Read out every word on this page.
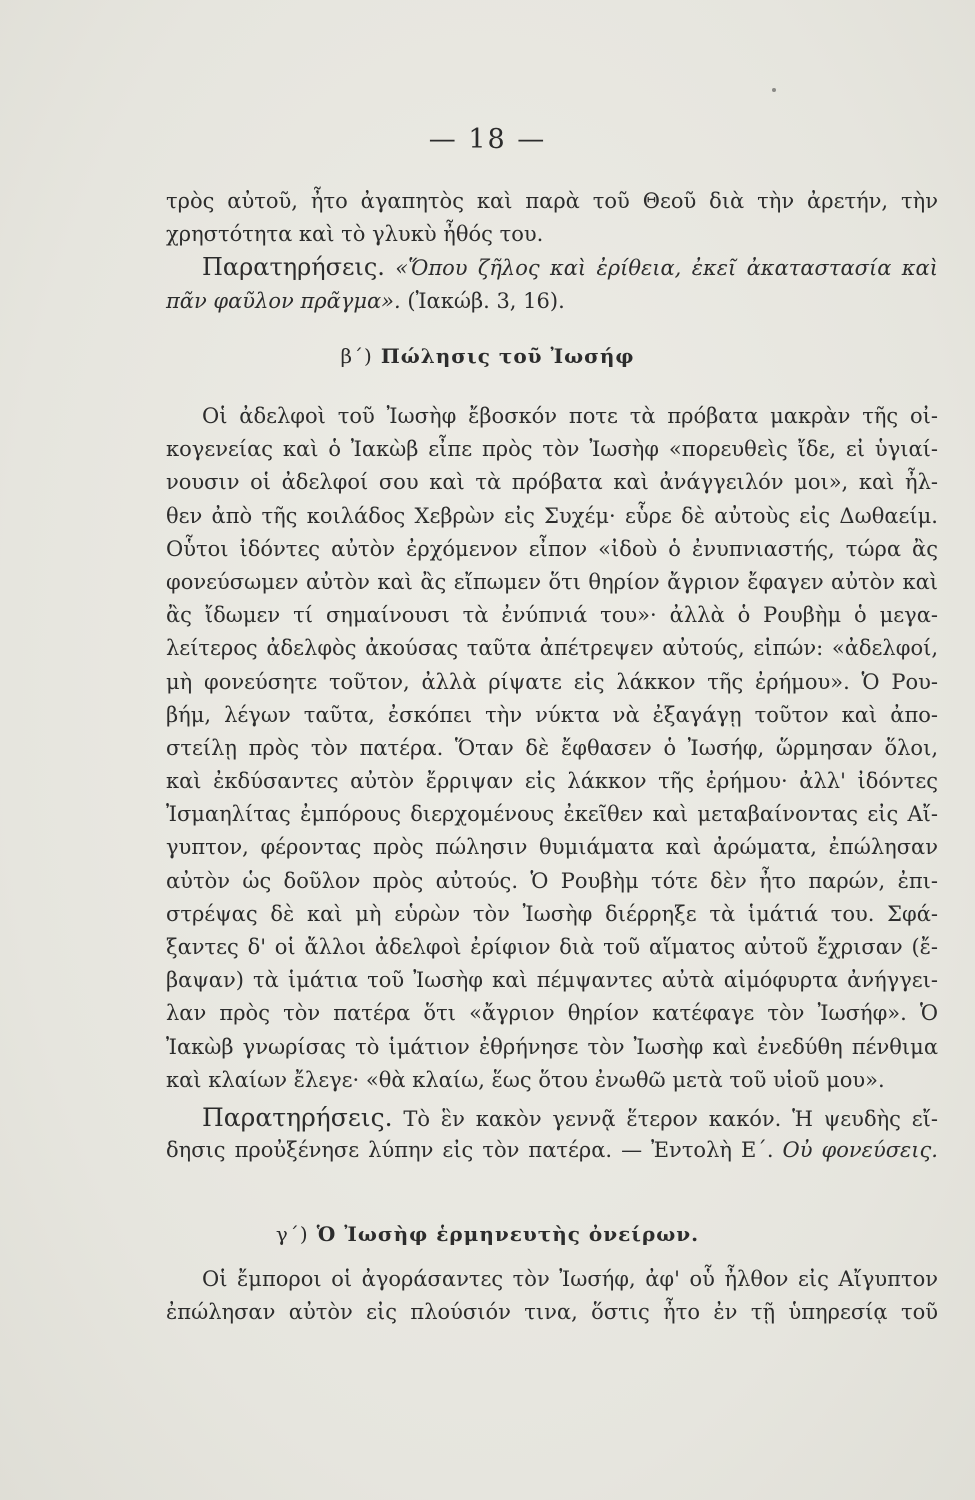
— 18 —
τρὸς αὐτοῦ, ἦτο ἀγαπητὸς καὶ παρὰ τοῦ Θεοῦ διὰ τὴν ἀρετήν, τὴν
χρηστότητα καὶ τὸ γλυκὺ ἦθός του.
Παρατηρήσεις. «Ὅπου ζῆλος καὶ ἐρίθεια, ἐκεῖ ἀκαταστασία καὶ
πᾶν φαῦλον πρᾶγμα». (Ἰακώβ. 3, 16).
β΄) Πώλησις τοῦ Ἰωσήφ
Οἱ ἀδελφοὶ τοῦ Ἰωσὴφ ἔβοσκόν ποτε τὰ πρόβατα μακρὰν τῆς οἰ-
κογενείας καὶ ὁ Ἰακὼβ εἶπε πρὸς τὸν Ἰωσὴφ «πορευθεὶς ἴδε, εἰ ὑγιαί-
νουσιν οἱ ἀδελφοί σου καὶ τὰ πρόβατα καὶ ἀνάγγειλόν μοι», καὶ ἦλ-
θεν ἀπὸ τῆς κοιλάδος Χεβρὼν εἰς Συχέμ· εὗρε δὲ αὐτοὺς εἰς Δωθαείμ.
Οὗτοι ἰδόντες αὐτὸν ἐρχόμενον εἶπον «ἰδοὺ ὁ ἐνυπνιαστής, τώρα ἂς
φονεύσωμεν αὐτὸν καὶ ἂς εἴπωμεν ὅτι θηρίον ἄγριον ἔφαγεν αὐτὸν καὶ
ἂς ἴδωμεν τί σημαίνουσι τὰ ἐνύπνιά του»· ἀλλὰ ὁ Ρουβὴμ ὁ μεγα-
λείτερος ἀδελφὸς ἀκούσας ταῦτα ἀπέτρεψεν αὐτούς, εἰπών: «ἀδελφοί,
μὴ φονεύσητε τοῦτον, ἀλλὰ ρίψατε εἰς λάκκον τῆς ἐρήμου». Ὁ Ρου-
βήμ, λέγων ταῦτα, ἐσκόπει τὴν νύκτα νὰ ἐξαγάγῃ τοῦτον καὶ ἀπο-
στείλῃ πρὸς τὸν πατέρα. Ὅταν δὲ ἔφθασεν ὁ Ἰωσήφ, ὥρμησαν ὅλοι,
καὶ ἐκδύσαντες αὐτὸν ἔρριψαν εἰς λάκκον τῆς ἐρήμου· ἀλλ' ἰδόντες
Ἰσμαηλίτας ἐμπόρους διερχομένους ἐκεῖθεν καὶ μεταβαίνοντας εἰς Αἴ-
γυπτον, φέροντας πρὸς πώλησιν θυμιάματα καὶ ἀρώματα, ἐπώλησαν
αὐτὸν ὡς δοῦλον πρὸς αὐτούς. Ὁ Ρουβὴμ τότε δὲν ἦτο παρών, ἐπι-
στρέψας δὲ καὶ μὴ εὑρὼν τὸν Ἰωσὴφ διέρρηξε τὰ ἱμάτιά του. Σφά-
ξαντες δ' οἱ ἄλλοι ἀδελφοὶ ἐρίφιον διὰ τοῦ αἵματος αὐτοῦ ἔχρισαν (ἔ-
βαψαν) τὰ ἱμάτια τοῦ Ἰωσὴφ καὶ πέμψαντες αὐτὰ αἱμόφυρτα ἀνήγγει-
λαν πρὸς τὸν πατέρα ὅτι «ἄγριον θηρίον κατέφαγε τὸν Ἰωσήφ». Ὁ
Ἰακὼβ γνωρίσας τὸ ἱμάτιον ἐθρήνησε τὸν Ἰωσὴφ καὶ ἐνεδύθη πένθιμα
καὶ κλαίων ἔλεγε· «θὰ κλαίω, ἕως ὅτου ἐνωθῶ μετὰ τοῦ υἱοῦ μου».
Παρατηρήσεις. Τὸ ἓν κακὸν γεννᾷ ἕτερον κακόν. Ἡ ψευδὴς εἴ-
δησις προὐξένησε λύπην εἰς τὸν πατέρα. — Ἐντολὴ Ε΄. Οὐ φονεύσεις.
γ΄) Ὁ Ἰωσὴφ ἑρμηνευτὴς ὀνείρων.
Οἱ ἔμποροι οἱ ἀγοράσαντες τὸν Ἰωσήφ, ἀφ' οὗ ἦλθον εἰς Αἴγυπτον
ἐπώλησαν αὐτὸν εἰς πλούσιόν τινα, ὅστις ἦτο ἐν τῇ ὑπηρεσίᾳ τοῦ
